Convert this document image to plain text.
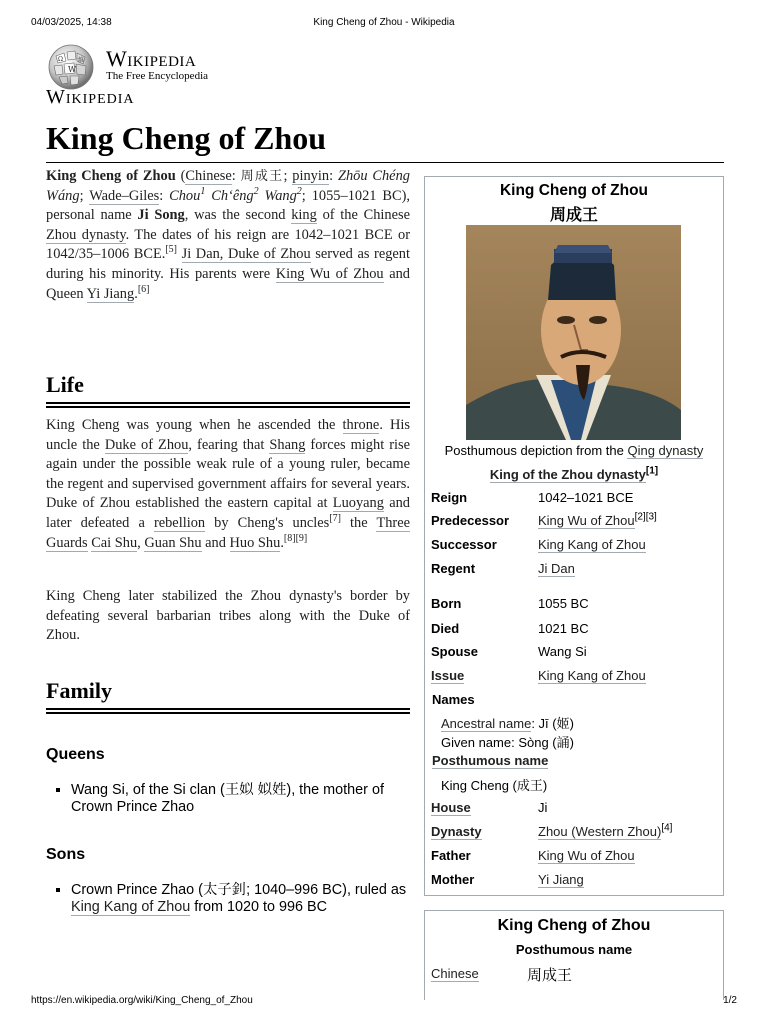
04/03/2025, 14:38	King Cheng of Zhou - Wikipedia
W
Ω	維 Wikipedia
The Free Encyclopedia
Wikipedia
King Cheng of Zhou
King Cheng of Zhou (Chinese: 周成王; pinyin: Zhōu Chéng Wáng; Wade–Giles: Chou$^1$ Chʻêng$^2$ Wang$^2$; 1055–1021 BC), personal name Ji Song, was the second king of the Chinese Zhou dynasty. The dates of his reign are 1042–1021 BCE or 1042/35–1006 BCE.[5] Ji Dan, Duke of Zhou served as regent during his minority. His parents were King Wu of Zhou and Queen Yi Jiang.[6]
Life
King Cheng was young when he ascended the throne. His uncle the Duke of Zhou, fearing that Shang forces might rise again under the possible weak rule of a young ruler, became the regent and supervised government affairs for several years. Duke of Zhou established the eastern capital at Luoyang and later defeated a rebellion by Cheng's uncles[7] the Three Guards Cai Shu, Guan Shu and Huo Shu.[8][9]
King Cheng later stabilized the Zhou dynasty's border by defeating several barbarian tribes along with the Duke of Zhou.
Family
Queens
Wang Si, of the Si clan (王姒 姒姓), the mother of Crown Prince Zhao
Sons
Crown Prince Zhao (太子釗; 1040–996 BC), ruled as King Kang of Zhou from 1020 to 996 BC
King Cheng of Zhou
周成王
Posthumous depiction from the Qing dynasty
King of the Zhou dynasty[1]
Reign	1042–1021 BCE
Predecessor King Wu of Zhou[2][3]
Successor	King Kang of Zhou
Regent	Ji Dan
Born	1055 BC
Died	1021 BC
Spouse	Wang Si
Issue	King Kang of Zhou
Names
Ancestral name: Jī (姬)
Given name: Sòng (誦)
Posthumous name
King Cheng (成王)
House	Ji
Dynasty	Zhou (Western Zhou)[4]
Father	King Wu of Zhou
Mother	Yi Jiang
King Cheng of Zhou
Posthumous name
Chinese	周成王
https://en.wikipedia.org/wiki/King_Cheng_of_Zhou	1/2
